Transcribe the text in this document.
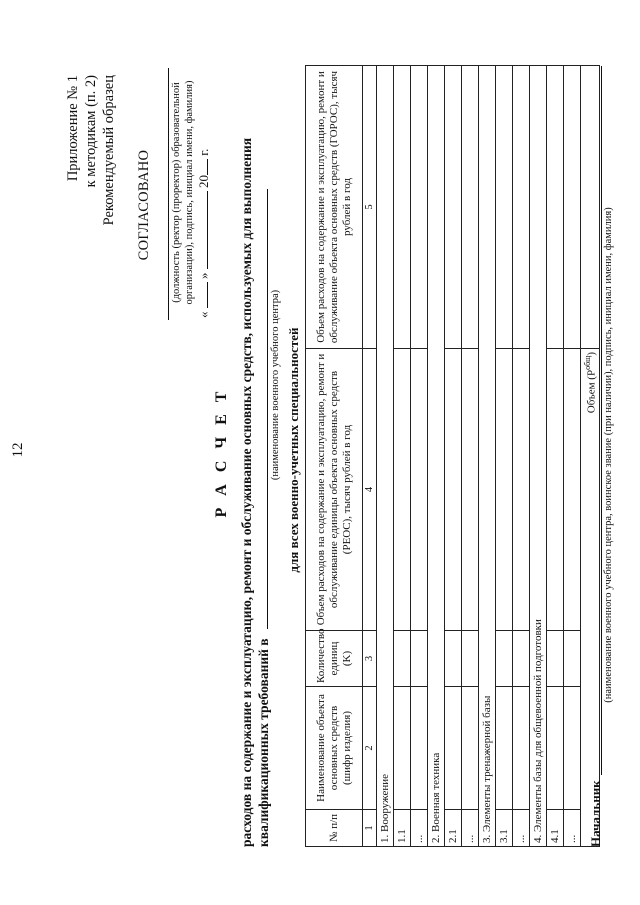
12
Приложение № 1 к методикам (п. 2) Рекомендуемый образец СОГЛАСОВАНО (должность (ректор (проректор) образовательной организации), подпись, инициал имени, фамилия)
«  »  20 г.
Р А С Ч Е Т расходов на содержание и эксплуатацию, ремонт и обслуживание основных средств, используемых для выполнения квалификационных требований в
(наименование военного учебного центра) для всех военно-учетных специальностей
№ п/п	Наименование объекта основных средств (шифр изделия)	Количество единиц (K)	Объем расходов на содержание и эксплуатацию, ремонт и обслуживание единицы объекта основных средств (PEOC), тысяч рублей в год	Объем расходов на содержание и эксплуатацию, ремонт и обслуживание объекта основных средств (ГОРОС), тысяч рублей в год
1	2	3	4	5
1. Вооружение				
1.1				
...				
2. Военная техника				
2.1				
...				
3. Элементы тренажерной базы				
3.1				
...				
4. Элементы базы для общевоенной подготовки				
4.1				
...				
Объем $(P^{общ})$				
Начальник
(наименование военного учебного центра, воинское звание (при наличии), подпись, инициал имени, фамилия)
